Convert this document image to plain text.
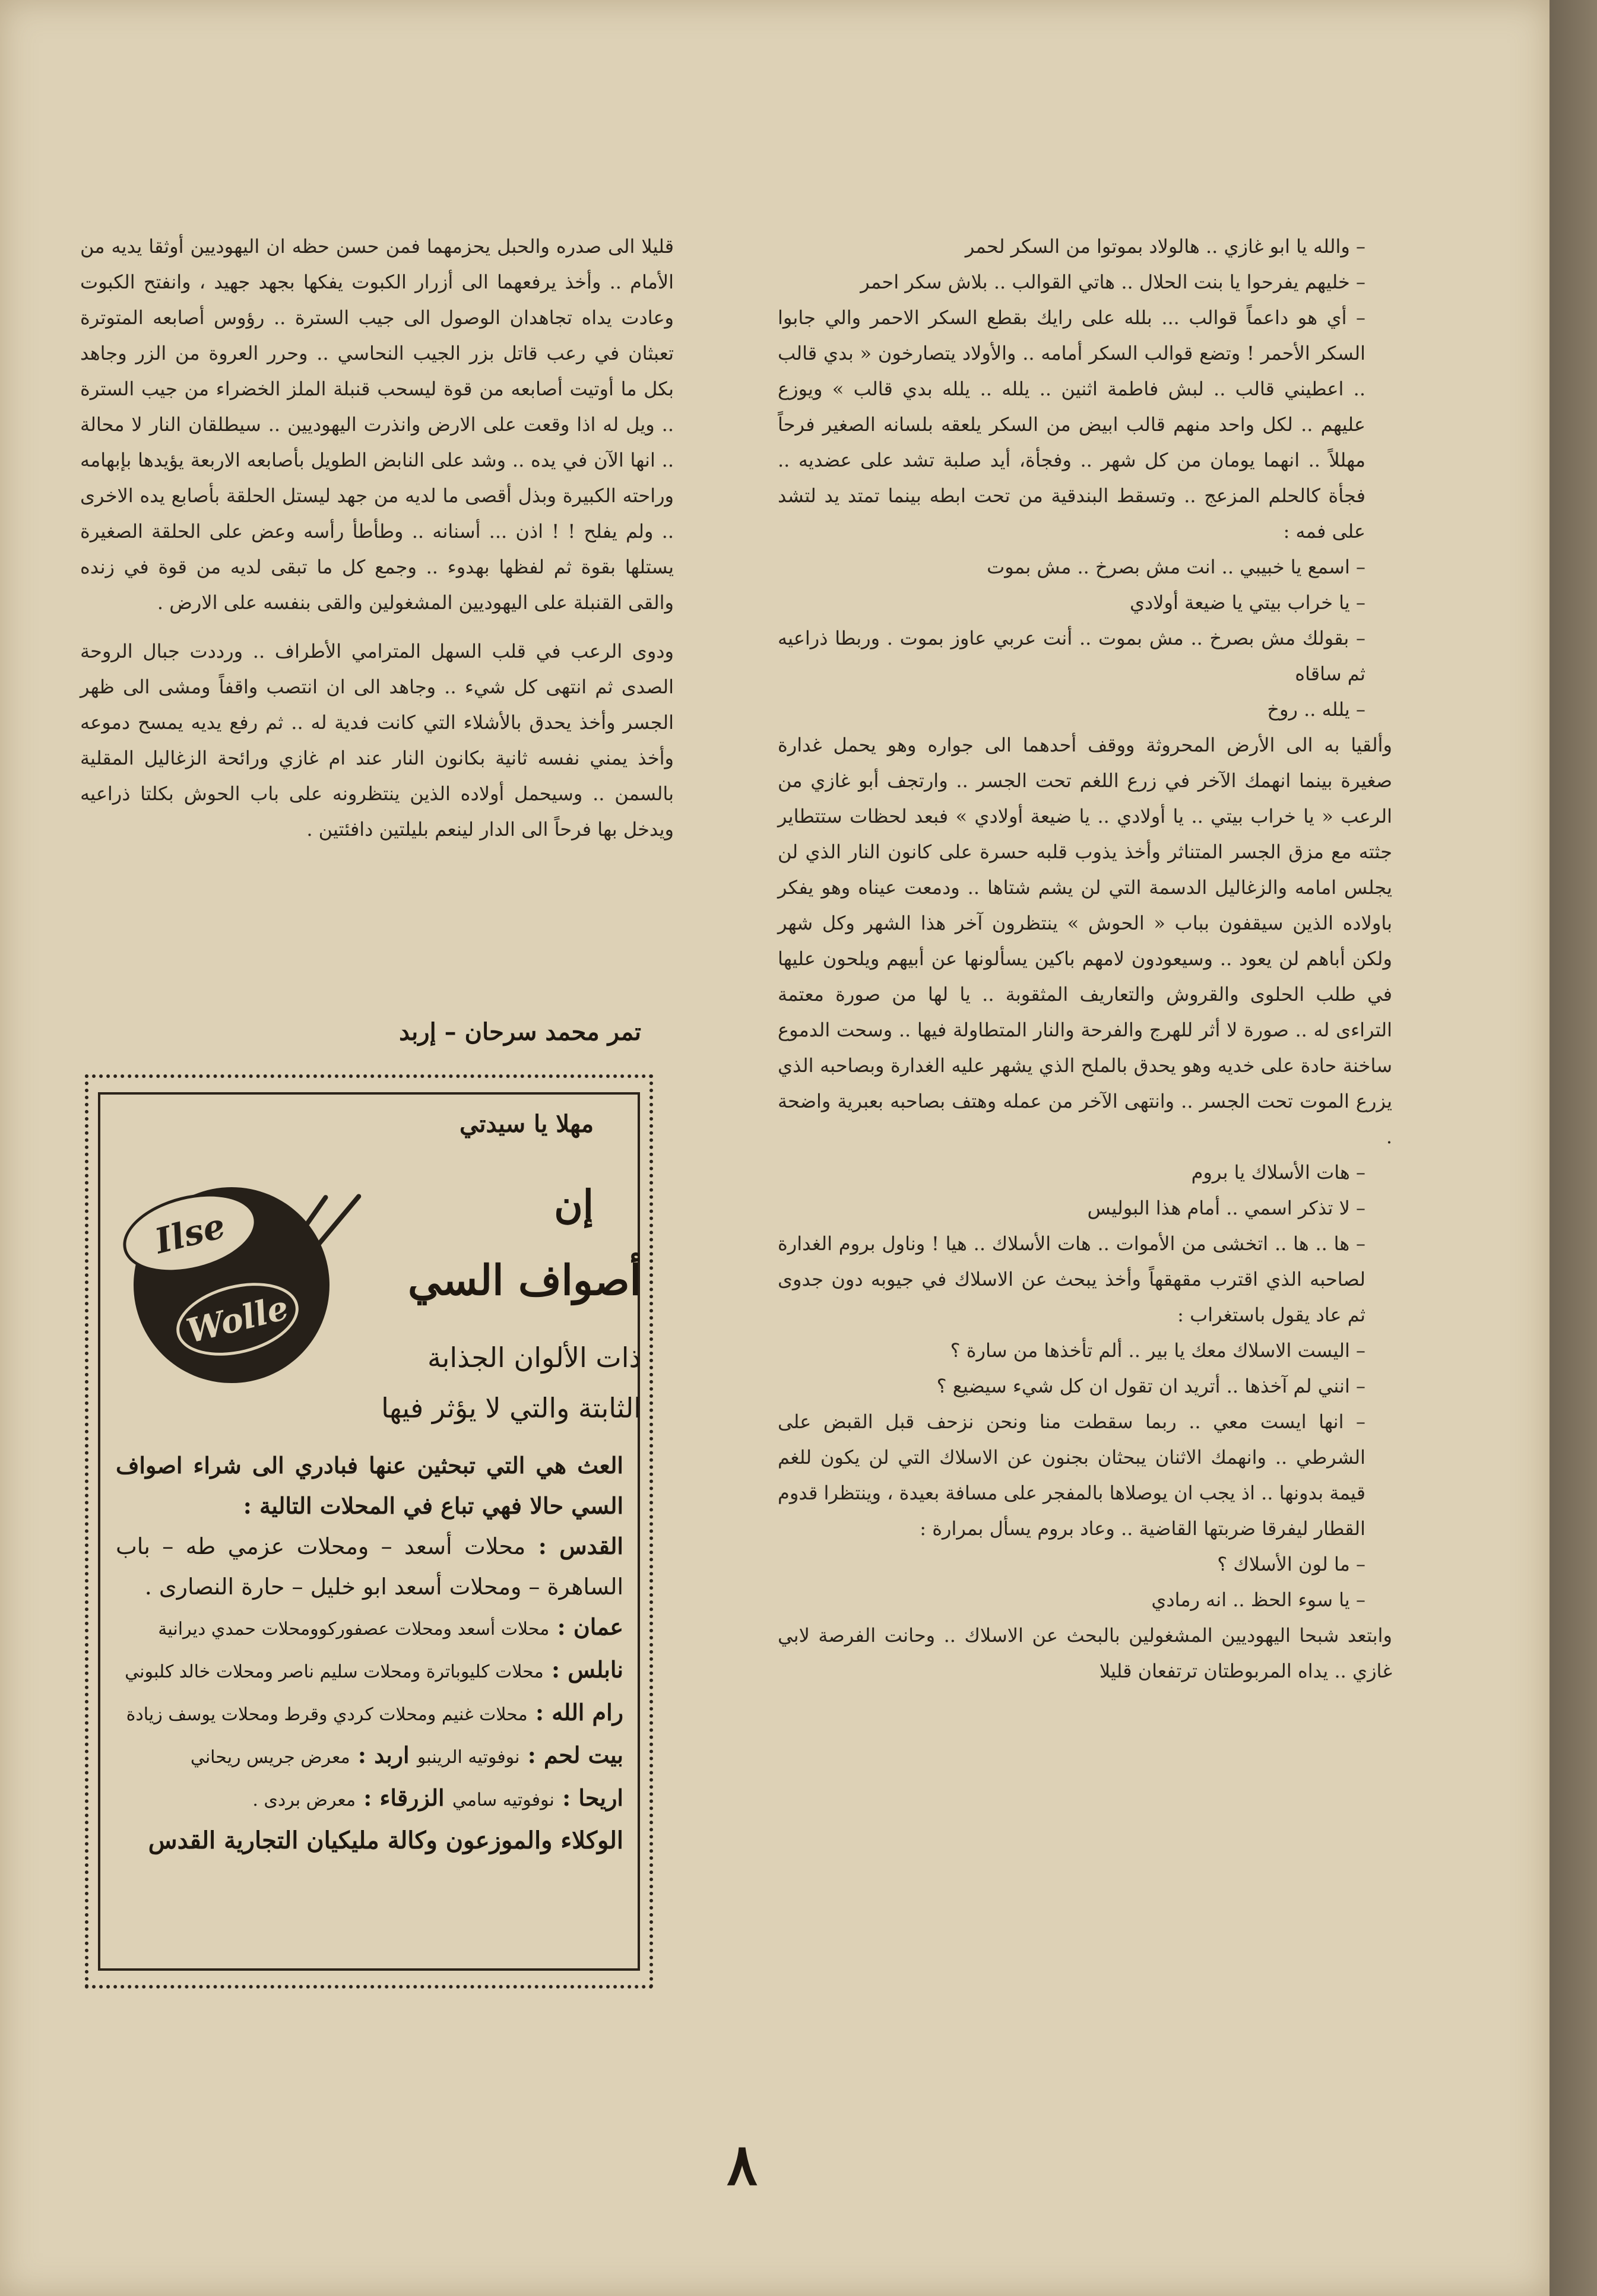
– والله يا ابو غازي .. هالولاد بموتوا من السكر لحمر

– خليهم يفرحوا يا بنت الحلال .. هاتي القوالب .. بلاش سكر احمر

– أي هو داعماً قوالب ... بلله على رايك بقطع السكر الاحمر والي جابوا السكر الأحمر ! وتضع قوالب السكر أمامه .. والأولاد يتصارخون « بدي قالب .. اعطيني قالب .. لبش فاطمة اثنين .. يلله .. يلله بدي قالب » ويوزع عليهم .. لكل واحد منهم قالب ابيض من السكر يلعقه بلسانه الصغير فرحاً مهللاً .. انهما يومان من كل شهر .. وفجأة، أيد صلبة تشد على عضديه .. فجأة كالحلم المزعج .. وتسقط البندقية من تحت ابطه بينما تمتد يد لتشد على فمه :

– اسمع يا خبيبي .. انت مش بصرخ .. مش بموت

– يا خراب بيتي يا ضيعة أولادي

– بقولك مش بصرخ .. مش بموت .. أنت عربي عاوز بموت . وربطا ذراعيه ثم ساقاه

– يلله .. روخ

وألقيا به الى الأرض المحروثة ووقف أحدهما الى جواره وهو يحمل غدارة صغيرة بينما انهمك الآخر في زرع اللغم تحت الجسر .. وارتجف أبو غازي من الرعب « يا خراب بيتي .. يا أولادي .. يا ضيعة أولادي » فبعد لحظات ستتطاير جثته مع مزق الجسر المتناثر وأخذ يذوب قلبه حسرة على كانون النار الذي لن يجلس امامه والزغاليل الدسمة التي لن يشم شتاها .. ودمعت عيناه وهو يفكر باولاده الذين سيقفون بباب « الحوش » ينتظرون آخر هذا الشهر وكل شهر ولكن أباهم لن يعود .. وسيعودون لامهم باكين يسألونها عن أبيهم ويلحون عليها في طلب الحلوى والقروش والتعاريف المثقوبة .. يا لها من صورة معتمة التراءى له .. صورة لا أثر للهرج والفرحة والنار المتطاولة فيها .. وسحت الدموع ساخنة حادة على خديه وهو يحدق بالملح الذي يشهر عليه الغدارة وبصاحبه الذي يزرع الموت تحت الجسر .. وانتهى الآخر من عمله وهتف بصاحبه بعبرية واضحة .

– هات الأسلاك يا بروم

– لا تذكر اسمي .. أمام هذا البوليس

– ها .. ها .. اتخشى من الأموات .. هات الأسلاك .. هيا ! وناول بروم الغدارة لصاحبه الذي اقترب مقهقهاً وأخذ يبحث عن الاسلاك في جيوبه دون جدوى ثم عاد يقول باستغراب :

– اليست الاسلاك معك يا بير .. ألم تأخذها من سارة ؟

– انني لم آخذها .. أتريد ان تقول ان كل شيء سيضيع ؟

– انها ايست معي .. ربما سقطت منا ونحن نزحف قبل القبض على الشرطي .. وانهمك الاثنان يبحثان بجنون عن الاسلاك التي لن يكون للغم قيمة بدونها .. اذ يجب ان يوصلاها بالمفجر على مسافة بعيدة ، وينتظرا قدوم القطار ليفرقا ضربتها القاضية .. وعاد بروم يسأل بمرارة :

– ما لون الأسلاك ؟

– يا سوء الحظ .. انه رمادي

وابتعد شبحا اليهوديين المشغولين بالبحث عن الاسلاك .. وحانت الفرصة لابي غازي .. يداه المربوطتان ترتفعان قليلا

قليلا الى صدره والحبل يحزمهما فمن حسن حظه ان اليهوديين أوثقا يديه من الأمام .. وأخذ يرفعهما الى أزرار الكبوت يفكها بجهد جهيد ، وانفتح الكبوت وعادت يداه تجاهدان الوصول الى جيب السترة .. رؤوس أصابعه المتوترة تعبثان في رعب قاتل بزر الجيب النحاسي .. وحرر العروة من الزر وجاهد بكل ما أوتيت أصابعه من قوة ليسحب قنبلة الملز الخضراء من جيب السترة .. ويل له اذا وقعت على الارض وانذرت اليهوديين .. سيطلقان النار لا محالة .. انها الآن في يده .. وشد على النابض الطويل بأصابعه الاربعة يؤيدها بإبهامه وراحته الكبيرة وبذل أقصى ما لديه من جهد ليستل الحلقة بأصابع يده الاخرى .. ولم يفلح ! ! اذن ... أسنانه .. وطأطأ رأسه وعض على الحلقة الصغيرة يستلها بقوة ثم لفظها بهدوء .. وجمع كل ما تبقى لديه من قوة في زنده والقى القنبلة على اليهوديين المشغولين والقى بنفسه على الارض .

ودوى الرعب في قلب السهل المترامي الأطراف .. ورددت جبال الروحة الصدى ثم انتهى كل شيء .. وجاهد الى ان انتصب واقفاً ومشى الى ظهر الجسر وأخذ يحدق بالأشلاء التي كانت فدية له .. ثم رفع يديه يمسح دموعه وأخذ يمني نفسه ثانية بكانون النار عند ام غازي ورائحة الزغاليل المقلية بالسمن .. وسيحمل أولاده الذين ينتظرونه على باب الحوش بكلتا ذراعيه ويدخل بها فرحاً الى الدار لينعم بليلتين دافئتين .

تمر محمد سرحان – إربد
Ilse
Wolle
مهلا يا سيدتي
إن
أصواف السي
ذات الألوان الجذابة
الثابتة والتي لا يؤثر فيها

العث هي التي تبحثين عنها فبادري الى شراء اصواف السي حالا فهي تباع في المحلات التالية :

القدس : محلات أسعد – ومحلات عزمي طه – باب الساهرة – ومحلات أسعد ابو خليل – حارة النصارى .

عمان : محلات أسعد ومحلات عصفوركوومحلات حمدي ديرانية

نابلس : محلات كليوباترة ومحلات سليم ناصر ومحلات خالد كلبوني

رام الله : محلات غنيم ومحلات كردي وقرط ومحلات يوسف زيادة

بيت لحم : نوفوتيه الرينبو اربد : معرض جريس ريحاني

اريحا : نوفوتيه سامي الزرقاء : معرض بردى .

الوكلاء والموزعون وكالة مليكيان التجارية القدس

٨
